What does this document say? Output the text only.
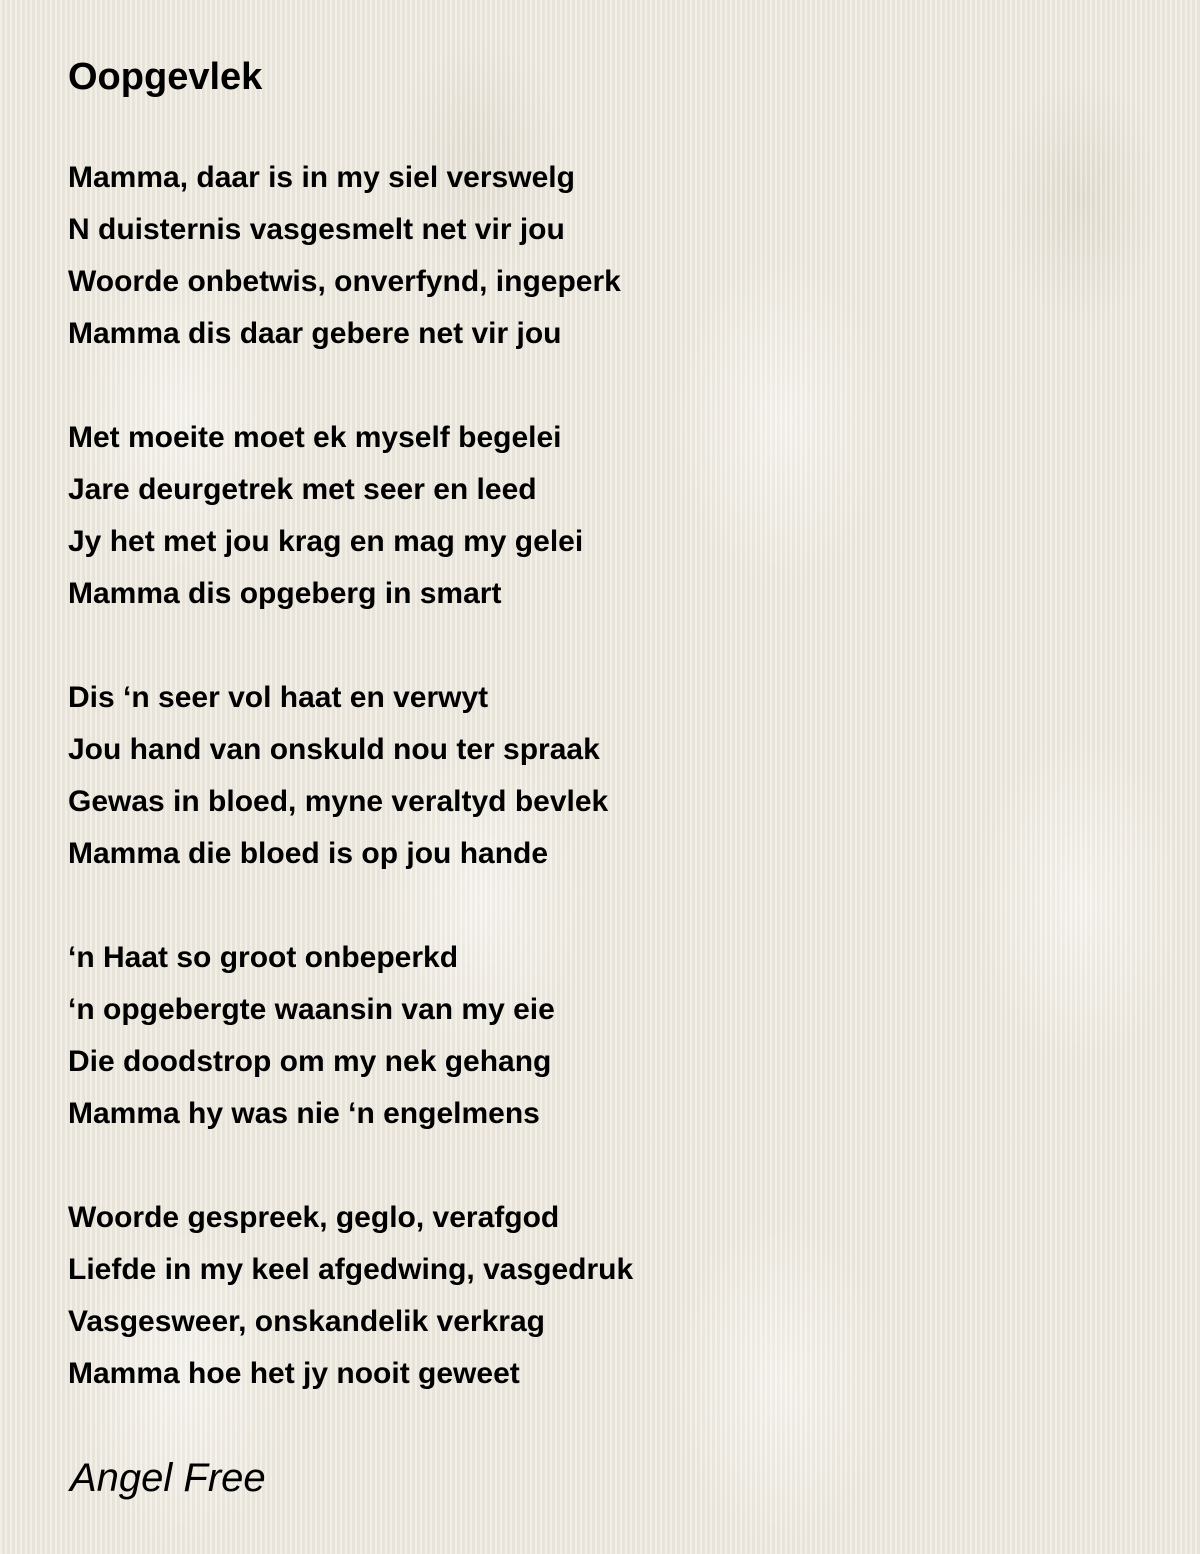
Oopgevlek
Mamma, daar is in my siel verswelg
N duisternis vasgesmelt net vir jou
Woorde onbetwis, onverfynd, ingeperk
Mamma dis daar gebere net vir jou
Met moeite moet ek myself begelei
Jare deurgetrek met seer en leed
Jy het met jou krag en mag my gelei
Mamma dis opgeberg in smart
Dis ‘n seer vol haat en verwyt
Jou hand van onskuld nou ter spraak
Gewas in bloed, myne veraltyd bevlek
Mamma die bloed is op jou hande
‘n Haat so groot onbeperkd
‘n opgebergte waansin van my eie
Die doodstrop om my nek gehang
Mamma hy was nie ‘n engelmens
Woorde gespreek, geglo, verafgod
Liefde in my keel afgedwing, vasgedruk
Vasgesweer, onskandelik verkrag
Mamma hoe het jy nooit geweet
Angel Free
